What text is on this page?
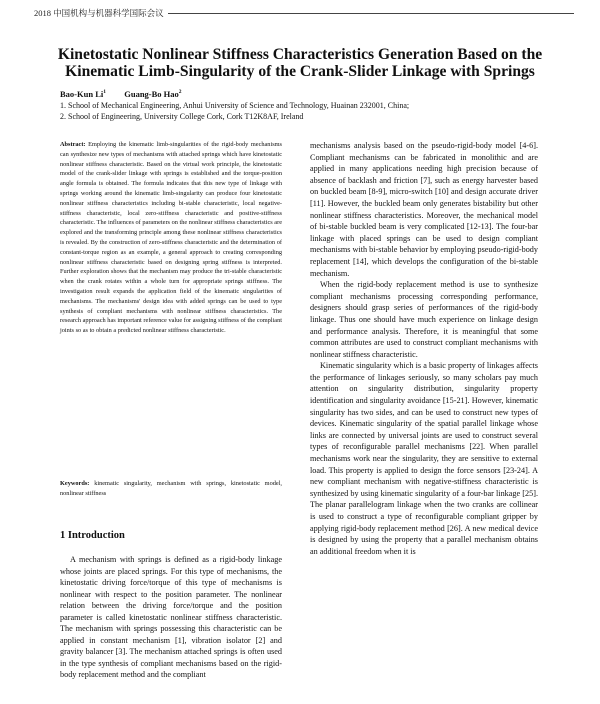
2018 中国机构与机器科学国际会议
Kinetostatic Nonlinear Stiffness Characteristics Generation Based on the
Kinematic Limb-Singularity of the Crank-Slider Linkage with Springs
Bao-Kun Li$^1$ Guang-Bo Hao$^2$
1. School of Mechanical Engineering, Anhui University of Science and Technology, Huainan 232001, China;
2. School of Engineering, University College Cork, Cork T12K8AF, Ireland
Abstract: Employing the kinematic limb-singularities of the rigid-body mechanisms can synthesize new types of mechanisms with attached springs which have kinetostatic nonlinear stiffness characteristic. Based on the virtual work principle, the kinetostatic model of the crank-slider linkage with springs is established and the torque-position angle formula is obtained. The formula indicates that this new type of linkage with springs working around the kinematic limb-singularity can produce four kinetostatic nonlinear stiffness characteristics including bi-stable characteristic, local negative-stiffness characteristic, local zero-stiffness characteristic and positive-stiffness characteristic. The influences of parameters on the nonlinear stiffness characteristics are explored and the transforming principle among these nonlinear stiffness characteristics is revealed. By the construction of zero-stiffness characteristic and the determination of constant-torque region as an example, a general approach to creating corresponding nonlinear stiffness characteristic based on designing spring stiffness is interpreted. Further exploration shows that the mechanism may produce the tri-stable characteristic when the crank rotates within a whole turn for appropriate springs stiffness. The investigation result expands the application field of the kinematic singularities of mechanisms. The mechanisms' design idea with added springs can be used to type synthesis of compliant mechanisms with nonlinear stiffness characteristics. The research approach has important reference value for assigning stiffness of the compliant joints so as to obtain a predicted nonlinear stiffness characteristic.
Keywords: kinematic singularity, mechanism with springs, kinetostatic model, nonlinear stiffness
1 Introduction
A mechanism with springs is defined as a rigid-body linkage whose joints are placed springs. For this type of mechanisms, the kinetostatic driving force/torque of this type of mechanisms is nonlinear with respect to the position parameter. The nonlinear relation between the driving force/torque and the position parameter is called kinetostatic nonlinear stiffness characteristic. The mechanism with springs possessing this characteristic can be applied in constant mechanism [1], vibration isolator [2] and gravity balancer [3]. The mechanism attached springs is often used in the type synthesis of compliant mechanisms based on the rigid-body replacement method and the compliant

mechanisms analysis based on the pseudo-rigid-body model [4-6]. Compliant mechanisms can be fabricated in monolithic and are applied in many applications needing high precision because of absence of backlash and friction [7], such as energy harvester based on buckled beam [8-9], micro-switch [10] and design accurate driver [11]. However, the buckled beam only generates bistability but other nonlinear stiffness characteristics. Moreover, the mechanical model of bi-stable buckled beam is very complicated [12-13]. The four-bar linkage with placed springs can be used to design compliant mechanisms with bi-stable behavior by employing pseudo-rigid-body replacement [14], which develops the configuration of the bi-stable mechanism.

When the rigid-body replacement method is use to synthesize compliant mechanisms processing corresponding performance, designers should grasp series of performances of the rigid-body linkage. Thus one should have much experience on linkage design and performance analysis. Therefore, it is meaningful that some common attributes are used to construct compliant mechanisms with nonlinear stiffness characteristic.

Kinematic singularity which is a basic property of linkages affects the performance of linkages seriously, so many scholars pay much attention on singularity distribution, singularity property identification and singularity avoidance [15-21]. However, kinematic singularity has two sides, and can be used to construct new types of devices. Kinematic singularity of the spatial parallel linkage whose links are connected by universal joints are used to construct several types of reconfigurable parallel mechanisms [22]. When parallel mechanisms work near the singularity, they are sensitive to external load. This property is applied to design the force sensors [23-24]. A new compliant mechanism with negative-stiffness characteristic is synthesized by using kinematic singularity of a four-bar linkage [25]. The planar parallelogram linkage when the two cranks are collinear is used to construct a type of reconfigurable compliant gripper by applying rigid-body replacement method [26]. A new medical device is designed by using the property that a parallel mechanism obtains an additional freedom when it is
